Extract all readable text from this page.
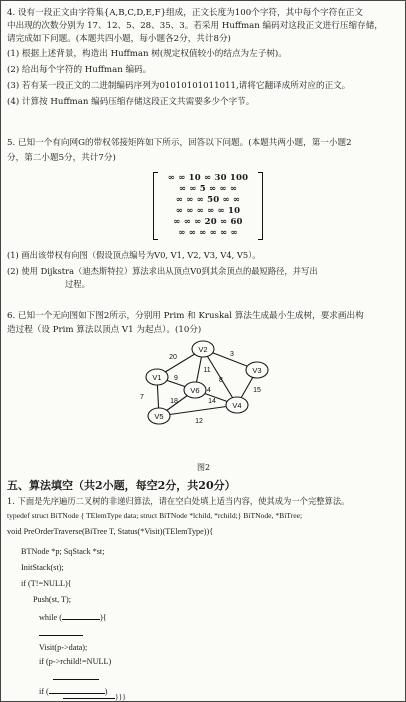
4. 设有一段正文由字符集{A,B,C,D,E,F}组成，正文长度为100个字符，其中每个字符在正文
中出现的次数分别为 17、12、5、28、35、3。若采用 Huffman 编码对这段正文进行压缩存储，
请完成如下问题。(本题共四小题，每小题各2分，共计8分)
(1) 根据上述背景，构造出 Huffman 树(规定权值较小的结点为左子树)。
(2) 给出每个字符的 Huffman 编码。
(3) 若有某一段正文的二进制编码序列为01010101011011,请将它翻译成所对应的正文。
(4) 计算按 Huffman 编码压缩存储这段正文共需要多少个字节。
5. 已知一个有向网G的带权邻接矩阵如下所示，回答以下问题。(本题共两小题，第一小题2
分，第二小题5分，共计7分)
∞ ∞ 10 ∞ 30 100
∞ ∞ 5 ∞ ∞ ∞
∞ ∞ ∞ 50 ∞ ∞
∞ ∞ ∞ ∞ ∞ 10
∞ ∞ ∞ 20 ∞ 60
∞ ∞ ∞ ∞ ∞ ∞
(1) 画出该带权有向图（假设顶点编号为V0, V1, V2, V3, V4, V5）。
(2) 使用 Dijkstra（迪杰斯特拉）算法求出从顶点V0到其余顶点的最短路径，并写出
过程。
6. 已知一个无向图如下图2所示，分别用 Prim 和 Kruskal 算法生成最小生成树，要求画出构
造过程（设 Prim 算法以顶点 V1 为起点）。(10分)
V2
V1
V6
V3
V4
V5
20
11
8
3
9
15
7
18	14
4
12
图2
五、算法填空（共2小题，每空2分，共20分）
1. 下面是先序遍历二叉树的非递归算法，请在空白处填上适当内容，使其成为一个完整算法。
typedef struct BiTNode { TElemType data; struct BiTNode *lchild, *rchild;} BiTNode, *BiTree;
void PreOrderTraverse(BiTree T, Status(*Visit)(TElemType)){
BTNode *p; SqStack *st;
InitStack(st);
if (T!=NULL){
Push(st, T);
while (	){
Visit(p->data);
if (p->rchild!=NULL)
if (	)
}}}
